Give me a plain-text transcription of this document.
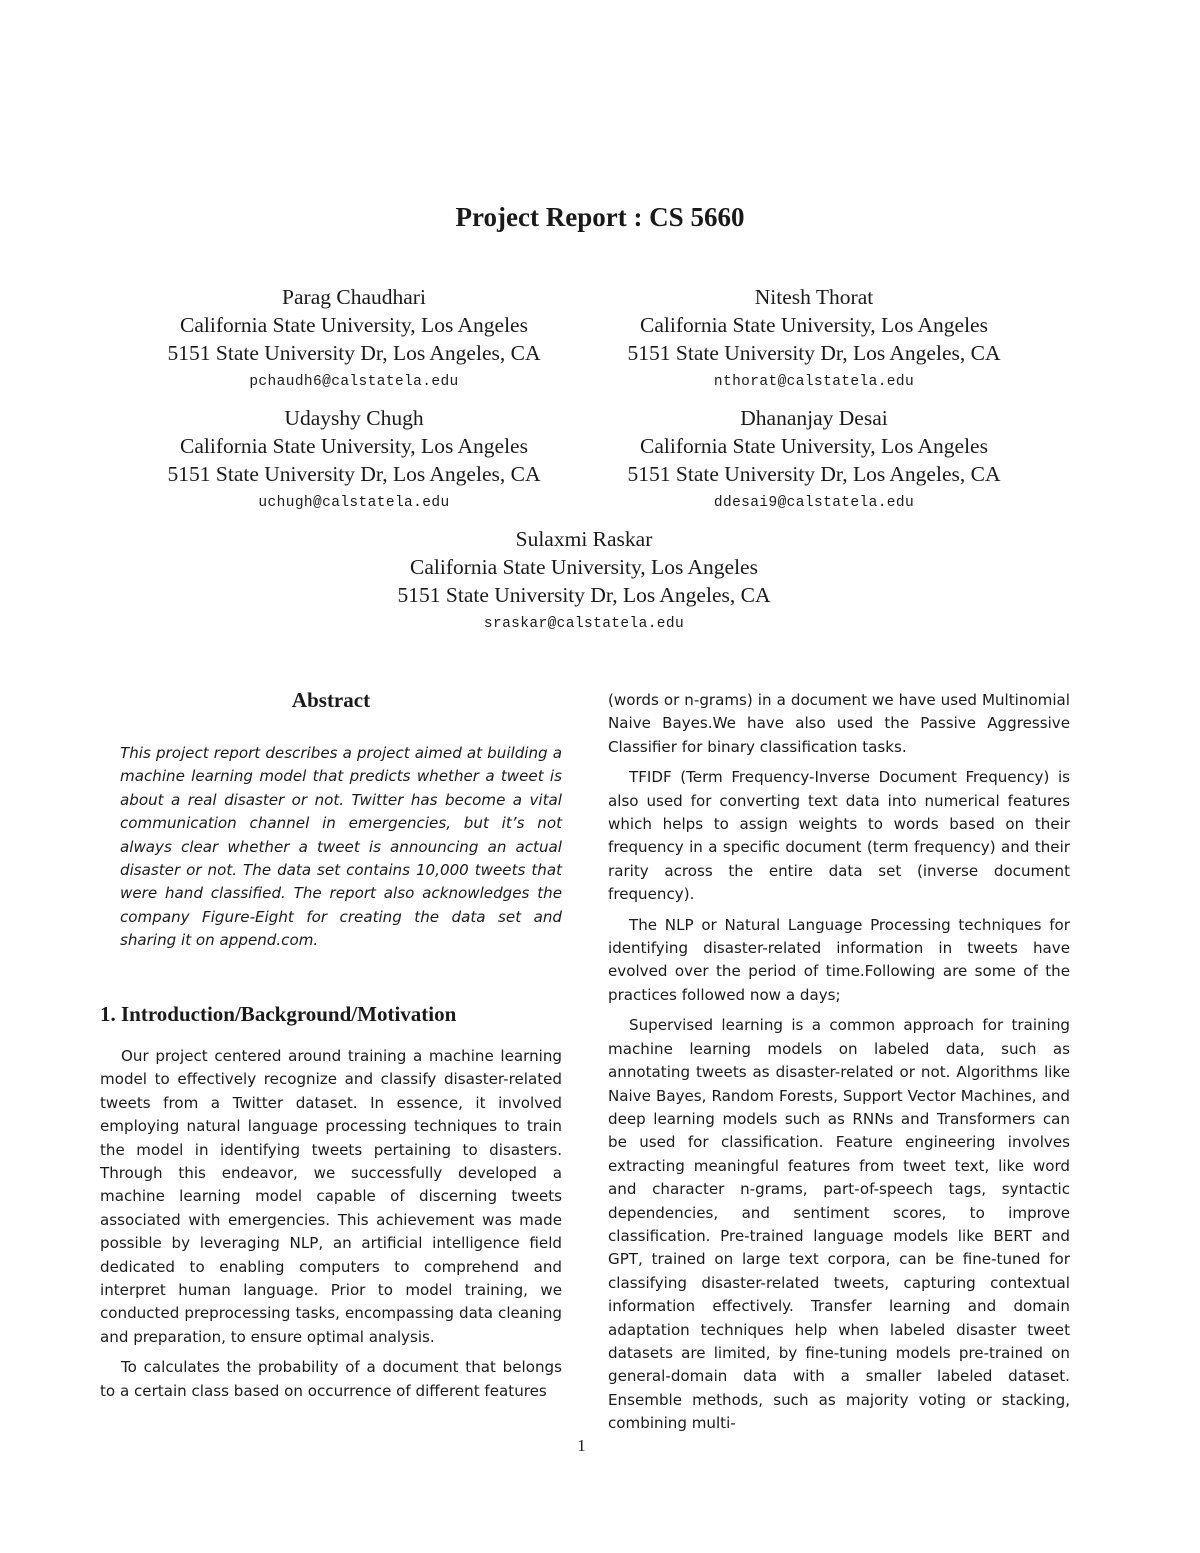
Project Report : CS 5660
Parag Chaudhari
California State University, Los Angeles
5151 State University Dr, Los Angeles, CA
pchaudh6@calstatela.edu
Nitesh Thorat
California State University, Los Angeles
5151 State University Dr, Los Angeles, CA
nthorat@calstatela.edu
Udayshy Chugh
California State University, Los Angeles
5151 State University Dr, Los Angeles, CA
uchugh@calstatela.edu
Dhananjay Desai
California State University, Los Angeles
5151 State University Dr, Los Angeles, CA
ddesai9@calstatela.edu
Sulaxmi Raskar
California State University, Los Angeles
5151 State University Dr, Los Angeles, CA
sraskar@calstatela.edu
Abstract
This project report describes a project aimed at building a machine learning model that predicts whether a tweet is about a real disaster or not. Twitter has become a vital communication channel in emergencies, but it’s not always clear whether a tweet is announcing an actual disaster or not. The data set contains 10,000 tweets that were hand classified. The report also acknowledges the company Figure-Eight for creating the data set and sharing it on append.com.
1. Introduction/Background/Motivation

Our project centered around training a machine learning model to effectively recognize and classify disaster-related tweets from a Twitter dataset. In essence, it involved employing natural language processing techniques to train the model in identifying tweets pertaining to disasters. Through this endeavor, we successfully developed a machine learning model capable of discerning tweets associated with emergencies. This achievement was made possible by leveraging NLP, an artificial intelligence field dedicated to enabling computers to comprehend and interpret human language. Prior to model training, we conducted preprocessing tasks, encompassing data cleaning and preparation, to ensure optimal analysis.

To calculates the probability of a document that belongs to a certain class based on occurrence of different features

(words or n-grams) in a document we have used Multinomial Naive Bayes.We have also used the Passive Aggressive Classifier for binary classification tasks.

TFIDF (Term Frequency-Inverse Document Frequency) is also used for converting text data into numerical features which helps to assign weights to words based on their frequency in a specific document (term frequency) and their rarity across the entire data set (inverse document frequency).

The NLP or Natural Language Processing techniques for identifying disaster-related information in tweets have evolved over the period of time.Following are some of the practices followed now a days;

Supervised learning is a common approach for training machine learning models on labeled data, such as annotating tweets as disaster-related or not. Algorithms like Naive Bayes, Random Forests, Support Vector Machines, and deep learning models such as RNNs and Transformers can be used for classification. Feature engineering involves extracting meaningful features from tweet text, like word and character n-grams, part-of-speech tags, syntactic dependencies, and sentiment scores, to improve classification. Pre-trained language models like BERT and GPT, trained on large text corpora, can be fine-tuned for classifying disaster-related tweets, capturing contextual information effectively. Transfer learning and domain adaptation techniques help when labeled disaster tweet datasets are limited, by fine-tuning models pre-trained on general-domain data with a smaller labeled dataset. Ensemble methods, such as majority voting or stacking, combining multi-

1
